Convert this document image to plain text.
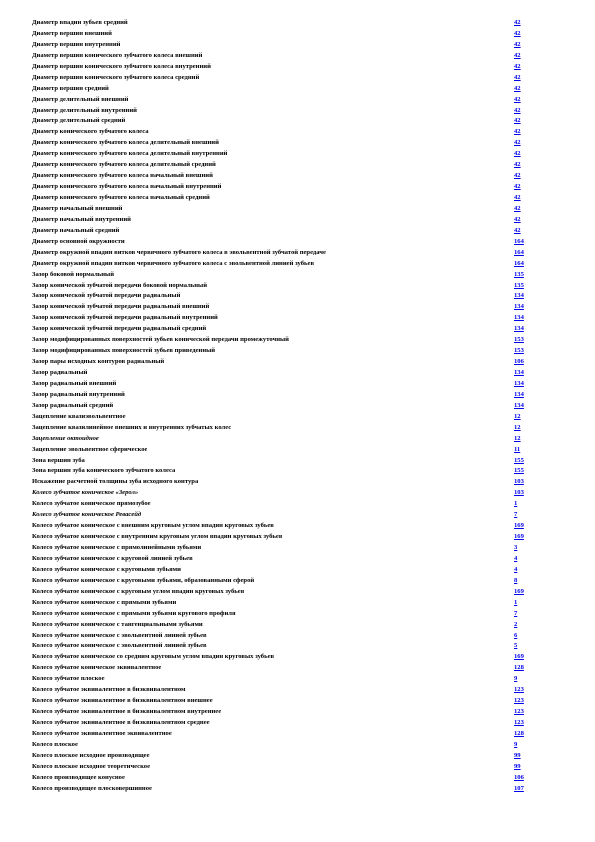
Диаметр впадин зубьев средний	42
Диаметр вершин внешний	42
Диаметр вершин внутренний	42
Диаметр вершин конического зубчатого колеса внешний	42
Диаметр вершин конического зубчатого колеса внутренний	42
Диаметр вершин конического зубчатого колеса средний	42
Диаметр вершин средний	42
Диаметр делительный внешний	42
Диаметр делительный внутренний	42
Диаметр делительный средний	42
Диаметр конического зубчатого колеса	42
Диаметр конического зубчатого колеса делительный внешний	42
Диаметр конического зубчатого колеса делительный внутренний	42
Диаметр конического зубчатого колеса делительный средний	42
Диаметр конического зубчатого колеса начальный внешний	42
Диаметр конического зубчатого колеса начальный внутренний	42
Диаметр конического зубчатого колеса начальный средний	42
Диаметр начальный внешний	42
Диаметр начальный внутренний	42
Диаметр начальный средний	42
Диаметр основной окружности	164
Диаметр окружной впадин витков червячного зубчатого колеса в эвольвентной зубчатой передаче	164
Диаметр окружной впадин витков червячного зубчатого колеса с эвольвентной линией зубьев	164
Зазор боковой нормальный	135
Зазор конической зубчатой передачи боковой нормальный	135
Зазор конической зубчатой передачи радиальный	134
Зазор конической зубчатой передачи радиальный внешний	134
Зазор конической зубчатой передачи радиальный внутренний	134
Зазор конической зубчатой передачи радиальный средний	134
Зазор модифицированных поверхностей зубьев конической передачи промежуточный	153
Зазор модифицированных поверхностей зубьев приведенный	153
Зазор пары исходных контуров радиальный	106
Зазор радиальный	134
Зазор радиальный внешний	134
Зазор радиальный внутренний	134
Зазор радиальный средний	134
Зацепление квазиэвольвентное	12
Зацепление квазилинейное внешних и внутренних зубчатых колес	12
Зацепление октоидное	12
Зацепление эвольвентное сферическое	11
Зона вершин зуба	155
Зона вершин зуба конического зубчатого колеса	155
Искажение расчетной толщины зуба исходного контура	103
Колесо зубчатое коническое «Зерол»	103
Колесо зубчатое коническое прямозубое	1
Колесо зубчатое коническое Ревасейд	7
Колесо зубчатое коническое с внешним круговым углом впадин круговых зубьев	169
Колесо зубчатое коническое с внутренним круговым углом впадин круговых зубьев	169
Колесо зубчатое коническое с прямолинейными зубьями	3
Колесо зубчатое коническое с круговой линией зубьев	4
Колесо зубчатое коническое с круговыми зубьями	4
Колесо зубчатое коническое с круговыми зубьями, образованными сферой	8
Колесо зубчатое коническое с круговым углом впадин круговых зубьев	169
Колесо зубчатое коническое с прямыми зубьями	1
Колесо зубчатое коническое с прямыми зубьями кругового профиля	7
Колесо зубчатое коническое с тангенциальными зубьями	2
Колесо зубчатое коническое с эвольвентной линией зубьев	6
Колесо зубчатое коническое с эвольвентной линией зубьев	5
Колесо зубчатое коническое со средним круговым углом впадин круговых зубьев	169
Колесо зубчатое коническое эквивалентное	128
Колесо зубчатое плоское	9
Колесо зубчатое эквивалентное в биэквивалентном	123
Колесо зубчатое эквивалентное в биэквивалентном внешнее	123
Колесо зубчатое эквивалентное в биэквивалентном внутреннее	123
Колесо зубчатое эквивалентное в биэквивалентном среднее	123
Колесо зубчатое эквивалентное эквивалентное	128
Колесо плоское	9
Колесо плоское исходное производящее	99
Колесо плоское исходное теоретическое	99
Колесо производящее конусное	106
Колесо производящее плосковершинное	107
